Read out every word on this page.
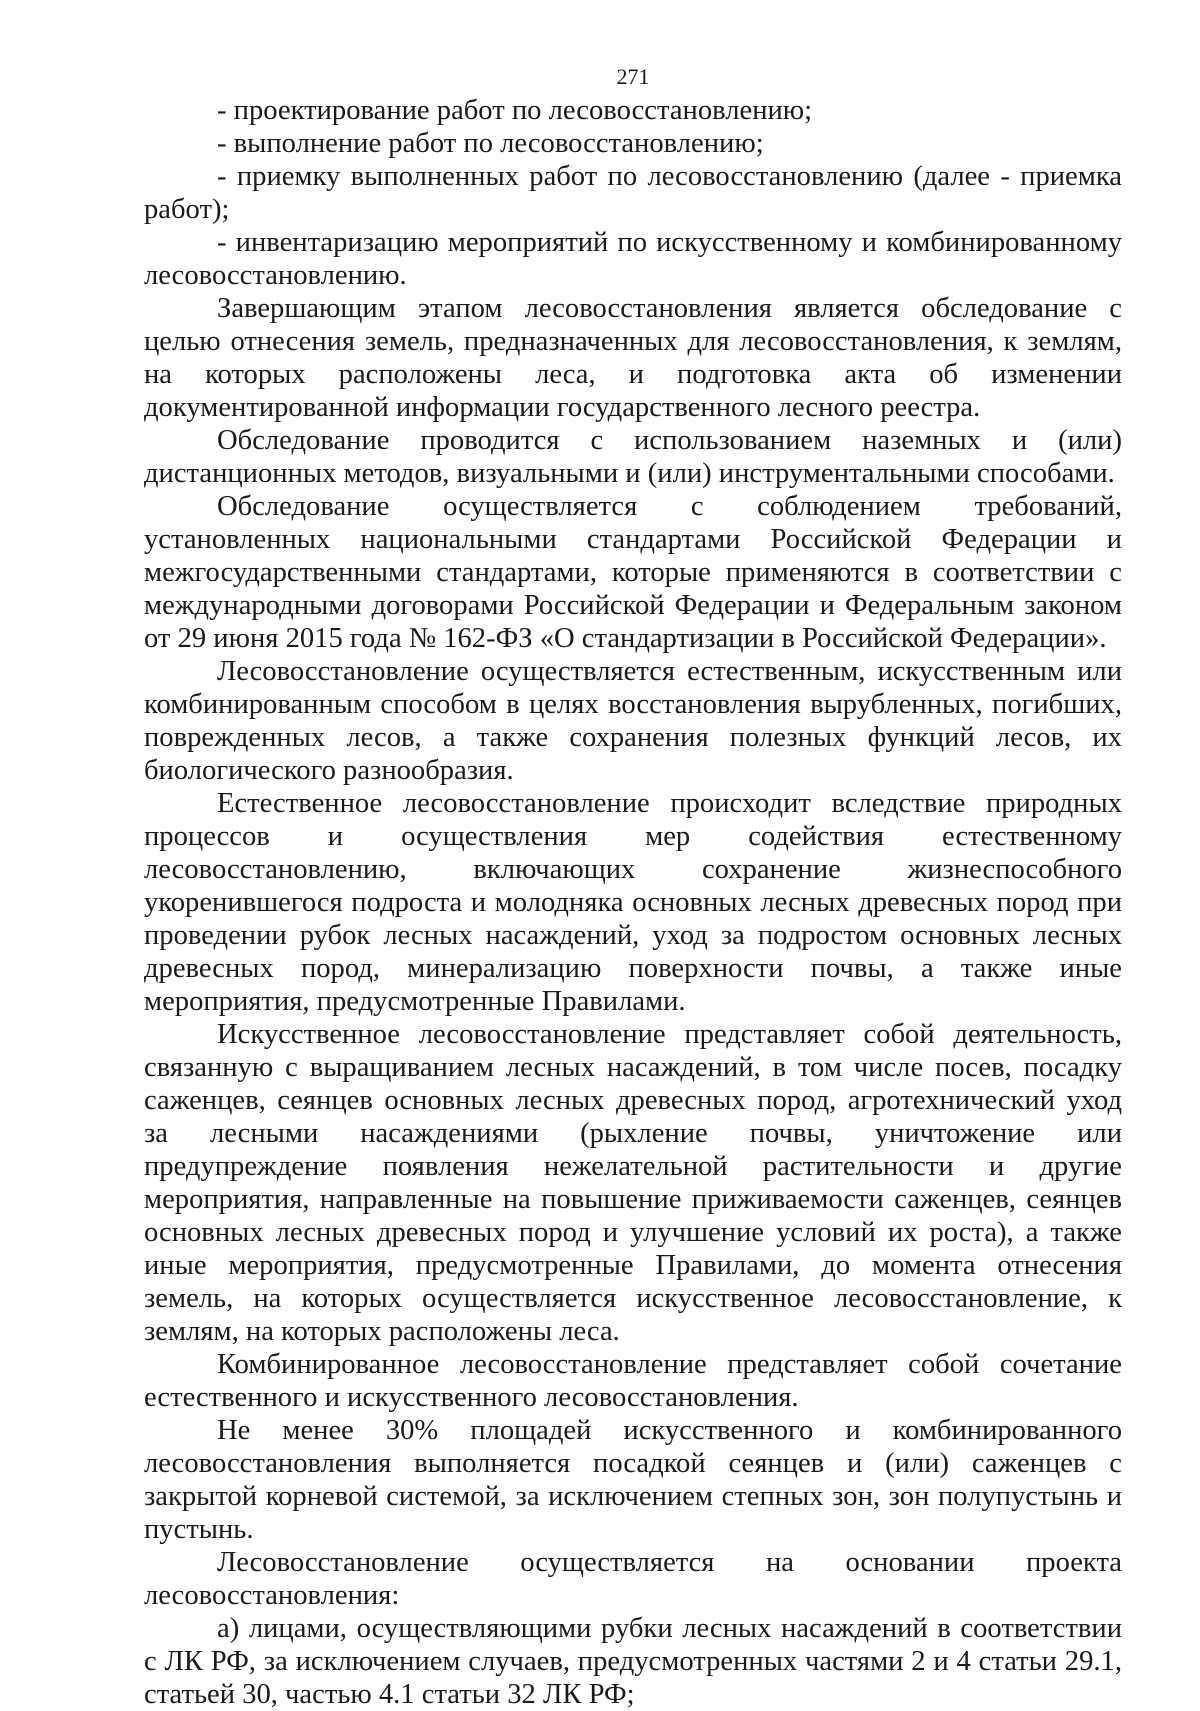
271

- проектирование работ по лесовосстановлению;

- выполнение работ по лесовосстановлению;

- приемку выполненных работ по лесовосстановлению (далее - приемка работ);

- инвентаризацию мероприятий по искусственному и комбинированному лесовосстановлению.

Завершающим этапом лесовосстановления является обследование с целью отнесения земель, предназначенных для лесовосстановления, к землям, на которых расположены леса, и подготовка акта об изменении документированной информации государственного лесного реестра.

Обследование проводится с использованием наземных и (или) дистанционных методов, визуальными и (или) инструментальными способами.

Обследование осуществляется с соблюдением требований, установленных национальными стандартами Российской Федерации и межгосударственными стандартами, которые применяются в соответствии с международными договорами Российской Федерации и Федеральным законом от 29 июня 2015 года № 162-ФЗ «О стандартизации в Российской Федерации».

Лесовосстановление осуществляется естественным, искусственным или комбинированным способом в целях восстановления вырубленных, погибших, поврежденных лесов, а также сохранения полезных функций лесов, их биологического разнообразия.

Естественное лесовосстановление происходит вследствие природных процессов и осуществления мер содействия естественному лесовосстановлению, включающих сохранение жизнеспособного укоренившегося подроста и молодняка основных лесных древесных пород при проведении рубок лесных насаждений, уход за подростом основных лесных древесных пород, минерализацию поверхности почвы, а также иные мероприятия, предусмотренные Правилами.

Искусственное лесовосстановление представляет собой деятельность, связанную с выращиванием лесных насаждений, в том числе посев, посадку саженцев, сеянцев основных лесных древесных пород, агротехнический уход за лесными насаждениями (рыхление почвы, уничтожение или предупреждение появления нежелательной растительности и другие мероприятия, направленные на повышение приживаемости саженцев, сеянцев основных лесных древесных пород и улучшение условий их роста), а также иные мероприятия, предусмотренные Правилами, до момента отнесения земель, на которых осуществляется искусственное лесовосстановление, к землям, на которых расположены леса.

Комбинированное лесовосстановление представляет собой сочетание естественного и искусственного лесовосстановления.

Не менее 30% площадей искусственного и комбинированного лесовосстановления выполняется посадкой сеянцев и (или) саженцев с закрытой корневой системой, за исключением степных зон, зон полупустынь и пустынь.

Лесовосстановление осуществляется на основании проекта лесовосстановления:

а) лицами, осуществляющими рубки лесных насаждений в соответствии с ЛК РФ, за исключением случаев, предусмотренных частями 2 и 4 статьи 29.1, статьей 30, частью 4.1 статьи 32 ЛК РФ;
